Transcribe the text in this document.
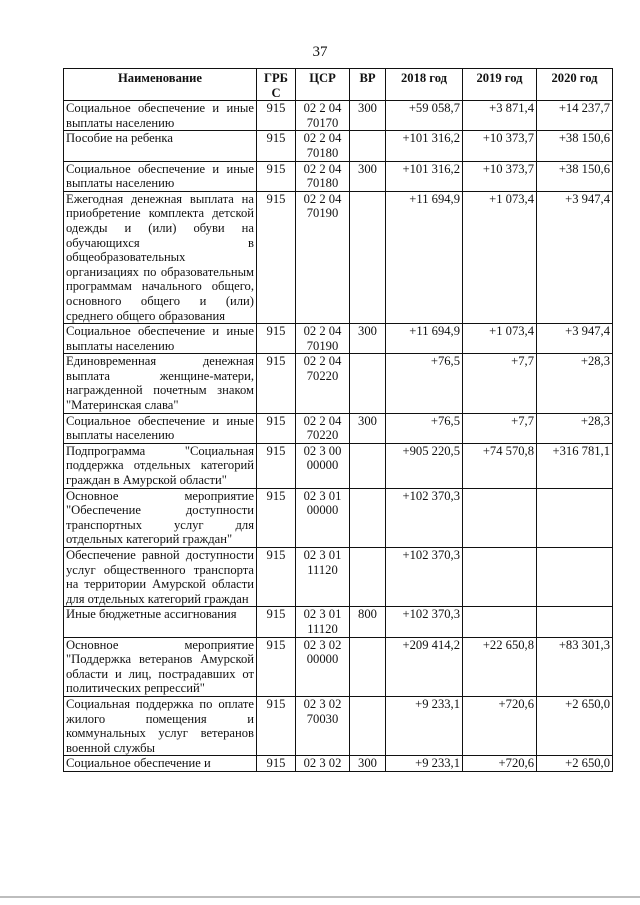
37
Наименование	ГРБ С	ЦСР	ВР	2018 год	2019 год	2020 год
Социальное обеспечение и иные выплаты населению	915	02 2 04 70170	300	+59 058,7	+3 871,4	+14 237,7
Пособие на ребенка	915	02 2 04 70180		+101 316,2	+10 373,7	+38 150,6
Социальное обеспечение и иные выплаты населению	915	02 2 04 70180	300	+101 316,2	+10 373,7	+38 150,6
Ежегодная денежная выплата на приобретение комплекта детской одежды и (или) обуви на обучающихся в общеобразовательных организациях по образовательным программам начального общего, основного общего и (или) среднего общего образования	915	02 2 04 70190		+11 694,9	+1 073,4	+3 947,4
Социальное обеспечение и иные выплаты населению	915	02 2 04 70190	300	+11 694,9	+1 073,4	+3 947,4
Единовременная денежная выплата женщине-матери, награжденной почетным знаком "Материнская слава"	915	02 2 04 70220		+76,5	+7,7	+28,3
Социальное обеспечение и иные выплаты населению	915	02 2 04 70220	300	+76,5	+7,7	+28,3
Подпрограмма "Социальная поддержка отдельных категорий граждан в Амурской области"	915	02 3 00 00000		+905 220,5	+74 570,8	+316 781,1
Основное мероприятие "Обеспечение доступности транспортных услуг для отдельных категорий граждан"	915	02 3 01 00000		+102 370,3		
Обеспечение равной доступности услуг общественного транспорта на территории Амурской области для отдельных категорий граждан	915	02 3 01 11120		+102 370,3		
Иные бюджетные ассигнования	915	02 3 01 11120	800	+102 370,3		
Основное мероприятие "Поддержка ветеранов Амурской области и лиц, пострадавших от политических репрессий"	915	02 3 02 00000		+209 414,2	+22 650,8	+83 301,3
Социальная поддержка по оплате жилого помещения и коммунальных услуг ветеранов военной службы	915	02 3 02 70030		+9 233,1	+720,6	+2 650,0
Социальное обеспечение и	915	02 3 02	300	+9 233,1	+720,6	+2 650,0
